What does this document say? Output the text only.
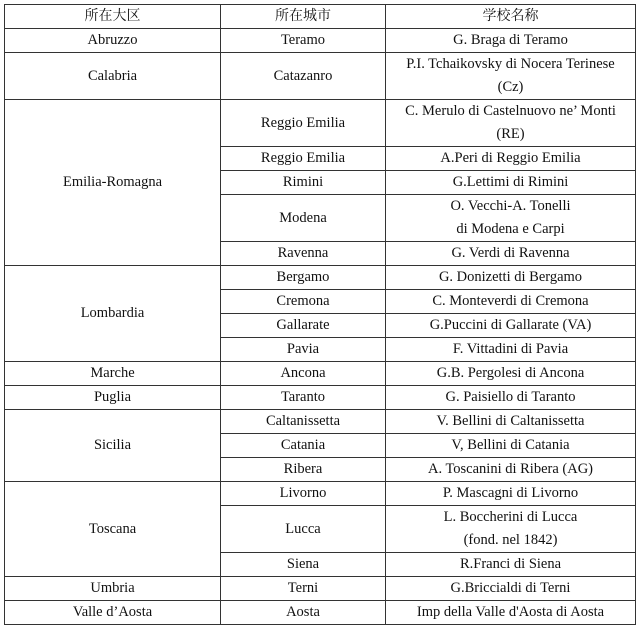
所在大区	所在城市	学校名称
Abruzzo	Teramo	G. Braga di Teramo
Calabria	Catazanro	P.I. Tchaikovsky di Nocera Terinese
(Cz)
Emilia-Romagna	Reggio Emilia	C. Merulo di Castelnuovo ne’ Monti
(RE)
	Reggio Emilia	A.Peri di Reggio Emilia
	Rimini	G.Lettimi di Rimini
	Modena	O. Vecchi-A. Tonelli
di Modena e Carpi
	Ravenna	G. Verdi di Ravenna
Lombardia	Bergamo	G. Donizetti di Bergamo
	Cremona	C. Monteverdi di Cremona
	Gallarate	G.Puccini di Gallarate (VA)
	Pavia	F. Vittadini di Pavia
Marche	Ancona	G.B. Pergolesi di Ancona
Puglia	Taranto	G. Paisiello di Taranto
Sicilia	Caltanissetta	V. Bellini di Caltanissetta
	Catania	V, Bellini di Catania
	Ribera	A. Toscanini di Ribera (AG)
Toscana	Livorno	P. Mascagni di Livorno
	Lucca	L. Boccherini di Lucca
(fond. nel 1842)
	Siena	R.Franci di Siena
Umbria	Terni	G.Briccialdi di Terni
Valle d’Aosta	Aosta	Imp della Valle d'Aosta di Aosta
